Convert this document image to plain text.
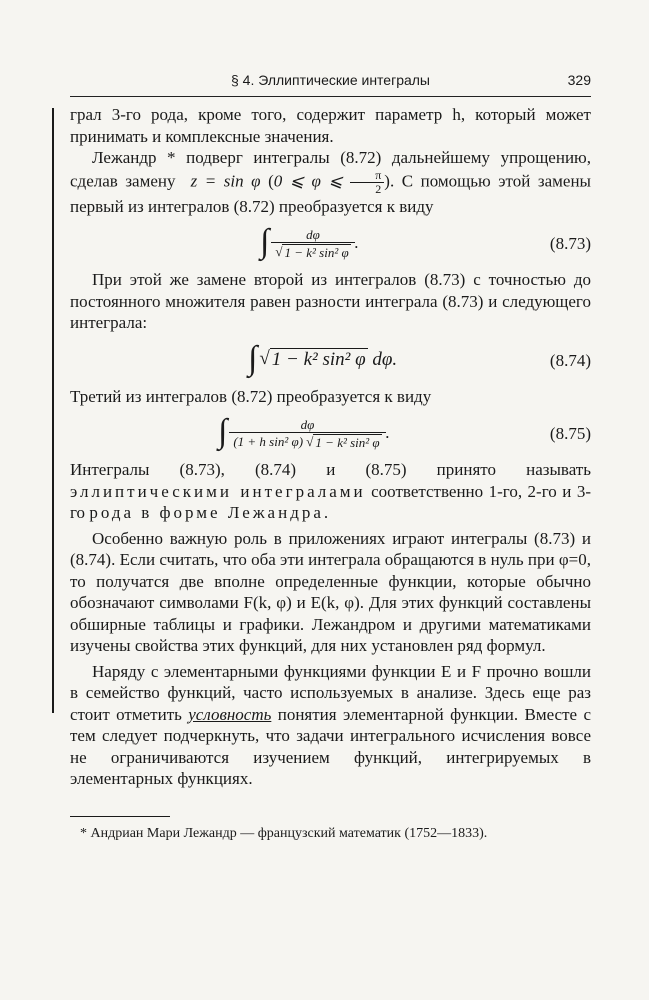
§ 4. Эллиптические интегралы	329

грал 3-го рода, кроме того, содержит параметр h, который может принимать и комплексные значения.

Лежандр * подверг интегралы (8.72) дальнейшему упрощению, сделав замену z = sin φ (0 ⩽ φ ⩽ $\frac{\pi}{2}$ ). С помощью этой замены первый из интегралов (8.72) преобразуется к виду

∫ $\frac{d\varphi}{\text{√ 1 − k² sin² φ}}$ .	(8.73)

При этой же замене второй из интегралов (8.73) с точностью до постоянного множителя равен разности интеграла (8.73) и следующего интеграла:

∫ √ 1 − k² sin² φ
dφ.	(8.74)

Третий из интегралов (8.72) преобразуется к виду

∫ $\frac{d\varphi}{\text{(1 + h sin² φ) √ 1 − k² sin² φ}}$ .	(8.75)

Интегралы (8.73), (8.74) и (8.75) принято называть эллиптическими интегралами соответственно 1-го, 2-го и 3-го рода в форме Лежандра.

Особенно важную роль в приложениях играют интегралы (8.73) и (8.74). Если считать, что оба эти интеграла обращаются в нуль при φ=0, то получатся две вполне определенные функции, которые обычно обозначают символами F(k, φ) и E(k, φ). Для этих функций составлены обширные таблицы и графики. Лежандром и другими математиками изучены свойства этих функций, для них установлен ряд формул.

Наряду с элементарными функциями функции E и F прочно вошли в семейство функций, часто используемых в анализе. Здесь еще раз стоит отметить условность понятия элементарной функции. Вместе с тем следует подчеркнуть, что задачи интегрального исчисления вовсе не ограничиваются изучением функций, интегрируемых в элементарных функциях.

* Андриан Мари Лежандр — французский математик (1752—1833).
